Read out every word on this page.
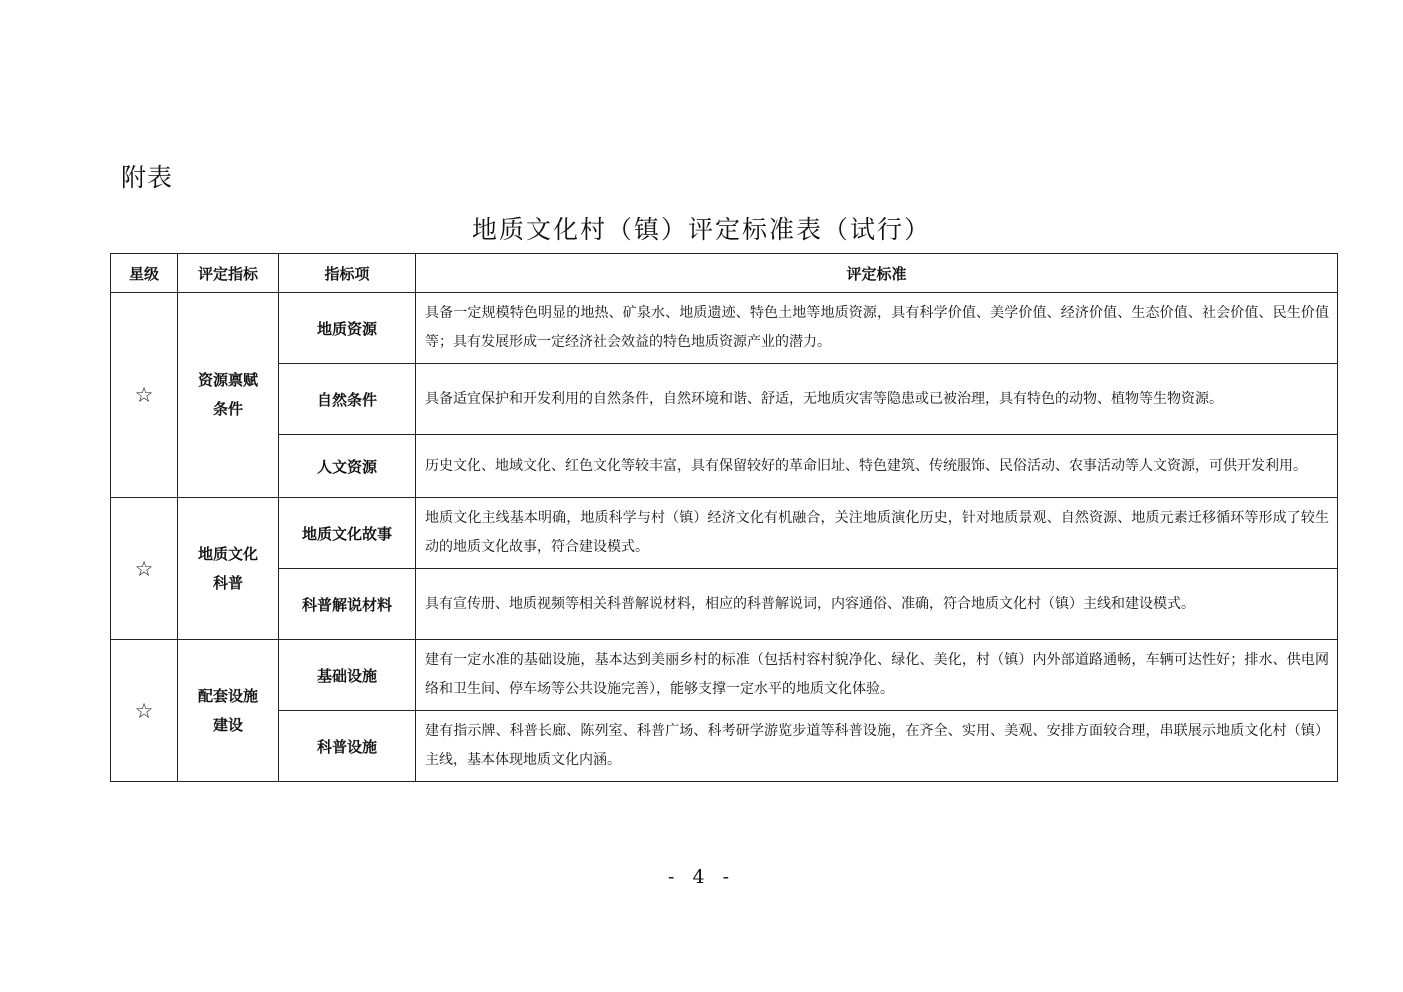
附表
地质文化村（镇）评定标准表（试行）
星级	评定指标	指标项	评定标准
☆	资源禀赋条件	地质资源	具备一定规模特色明显的地热、矿泉水、地质遗迹、特色土地等地质资源，具有科学价值、美学价值、经济价值、生态价值、社会价值、民生价值等；具有发展形成一定经济社会效益的特色地质资源产业的潜力。
		自然条件	具备适宜保护和开发利用的自然条件，自然环境和谐、舒适，无地质灾害等隐患或已被治理，具有特色的动物、植物等生物资源。
		人文资源	历史文化、地域文化、红色文化等较丰富，具有保留较好的革命旧址、特色建筑、传统服饰、民俗活动、农事活动等人文资源，可供开发利用。
☆	地质文化科普	地质文化故事	地质文化主线基本明确，地质科学与村（镇）经济文化有机融合，关注地质演化历史，针对地质景观、自然资源、地质元素迁移循环等形成了较生动的地质文化故事，符合建设模式。
		科普解说材料	具有宣传册、地质视频等相关科普解说材料，相应的科普解说词，内容通俗、准确，符合地质文化村（镇）主线和建设模式。
☆	配套设施建设	基础设施	建有一定水准的基础设施，基本达到美丽乡村的标准（包括村容村貌净化、绿化、美化，村（镇）内外部道路通畅，车辆可达性好；排水、供电网络和卫生间、停车场等公共设施完善），能够支撑一定水平的地质文化体验。
		科普设施	建有指示牌、科普长廊、陈列室、科普广场、科考研学游览步道等科普设施，在齐全、实用、美观、安排方面较合理，串联展示地质文化村（镇）主线，基本体现地质文化内涵。
- 4 -
